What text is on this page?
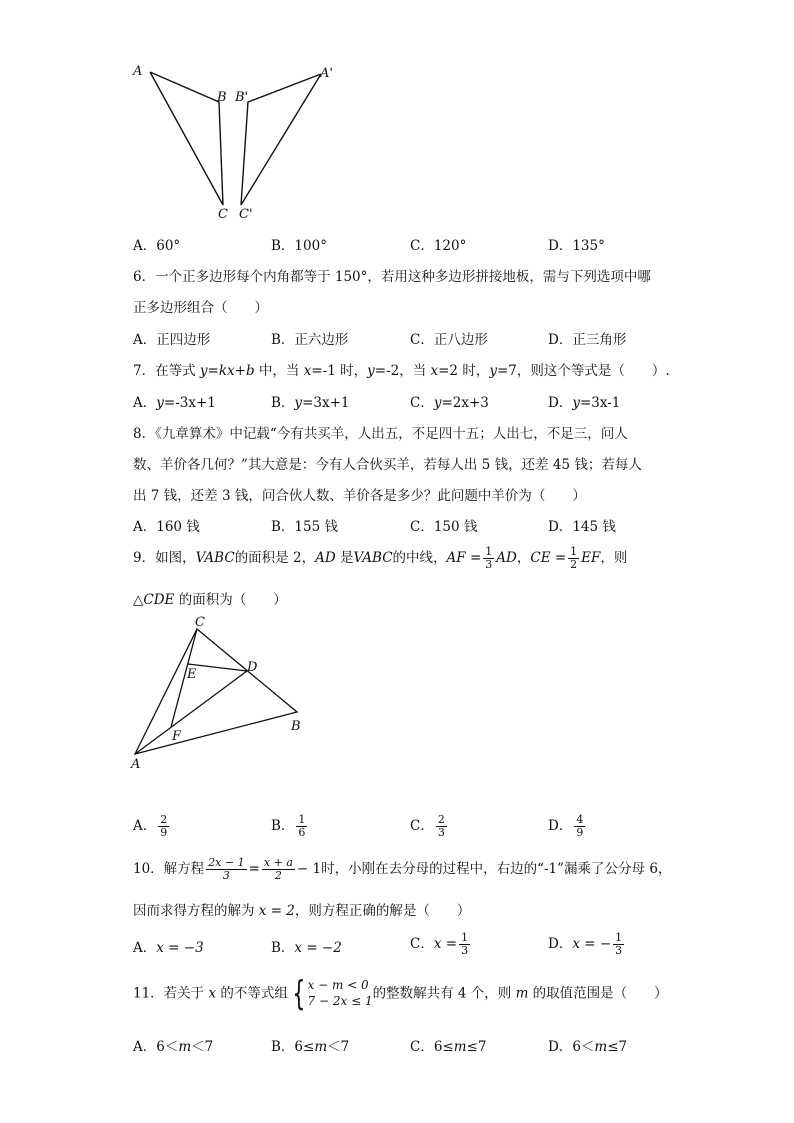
A
B B'
A'
C C'
A．60°	B．100°	C．120°	D．135°
6．一个正多边形每个内角都等于 150°，若用这种多边形拼接地板，需与下列选项中哪
正多边形组合（　　）
A．正四边形	B．正六边形	C．正八边形	D．正三角形
7．在等式 y=kx+b 中，当 x=-1 时，y=-2，当 x=2 时，y=7，则这个等式是（　　）.
A．y=-3x+1	B．y=3x+1	C．y=2x+3	D．y=3x-1
8．《九章算术》中记载“今有共买羊，人出五，不足四十五；人出七，不足三，问人
数、羊价各几何？”其大意是：今有人合伙买羊，若每人出 5 钱，还差 45 钱；若每人
出 7 钱，还差 3 钱，问合伙人数、羊价各是多少？此问题中羊价为（　　）
A．160 钱	B．155 钱	C．150 钱	D．145 钱
9．如图，VABC的面积是 2，AD 是VABC的中线，AF = $\frac{1}{3}$ AD，CE = $\frac{1}{2}$ EF，则
△CDE 的面积为（　　）
C
D
E
B
F
A
A． $\frac{2}{9}$	B． $\frac{1}{6}$	C． $\frac{2}{3}$	D． $\frac{4}{9}$
10．解方程 $\frac{2x - 1}{3} = \frac{x + a}{2} - 1$时，小刚在去分母的过程中，右边的“-1”漏乘了公分母 6，
因而求得方程的解为 x = 2，则方程正确的解是（　　）
A．x = −3	B．x = −2	C．$x = \frac{1}{3}$	D．x = − $\frac{1}{3}$
11．若关于 x 的不等式组 { x − m < 0
7 − 2x ≤ 1 的整数解共有 4 个，则 m 的取值范围是（　　）
A．6＜m＜7	B．6≤m＜7	C．6≤m≤7	D．6＜m≤7
